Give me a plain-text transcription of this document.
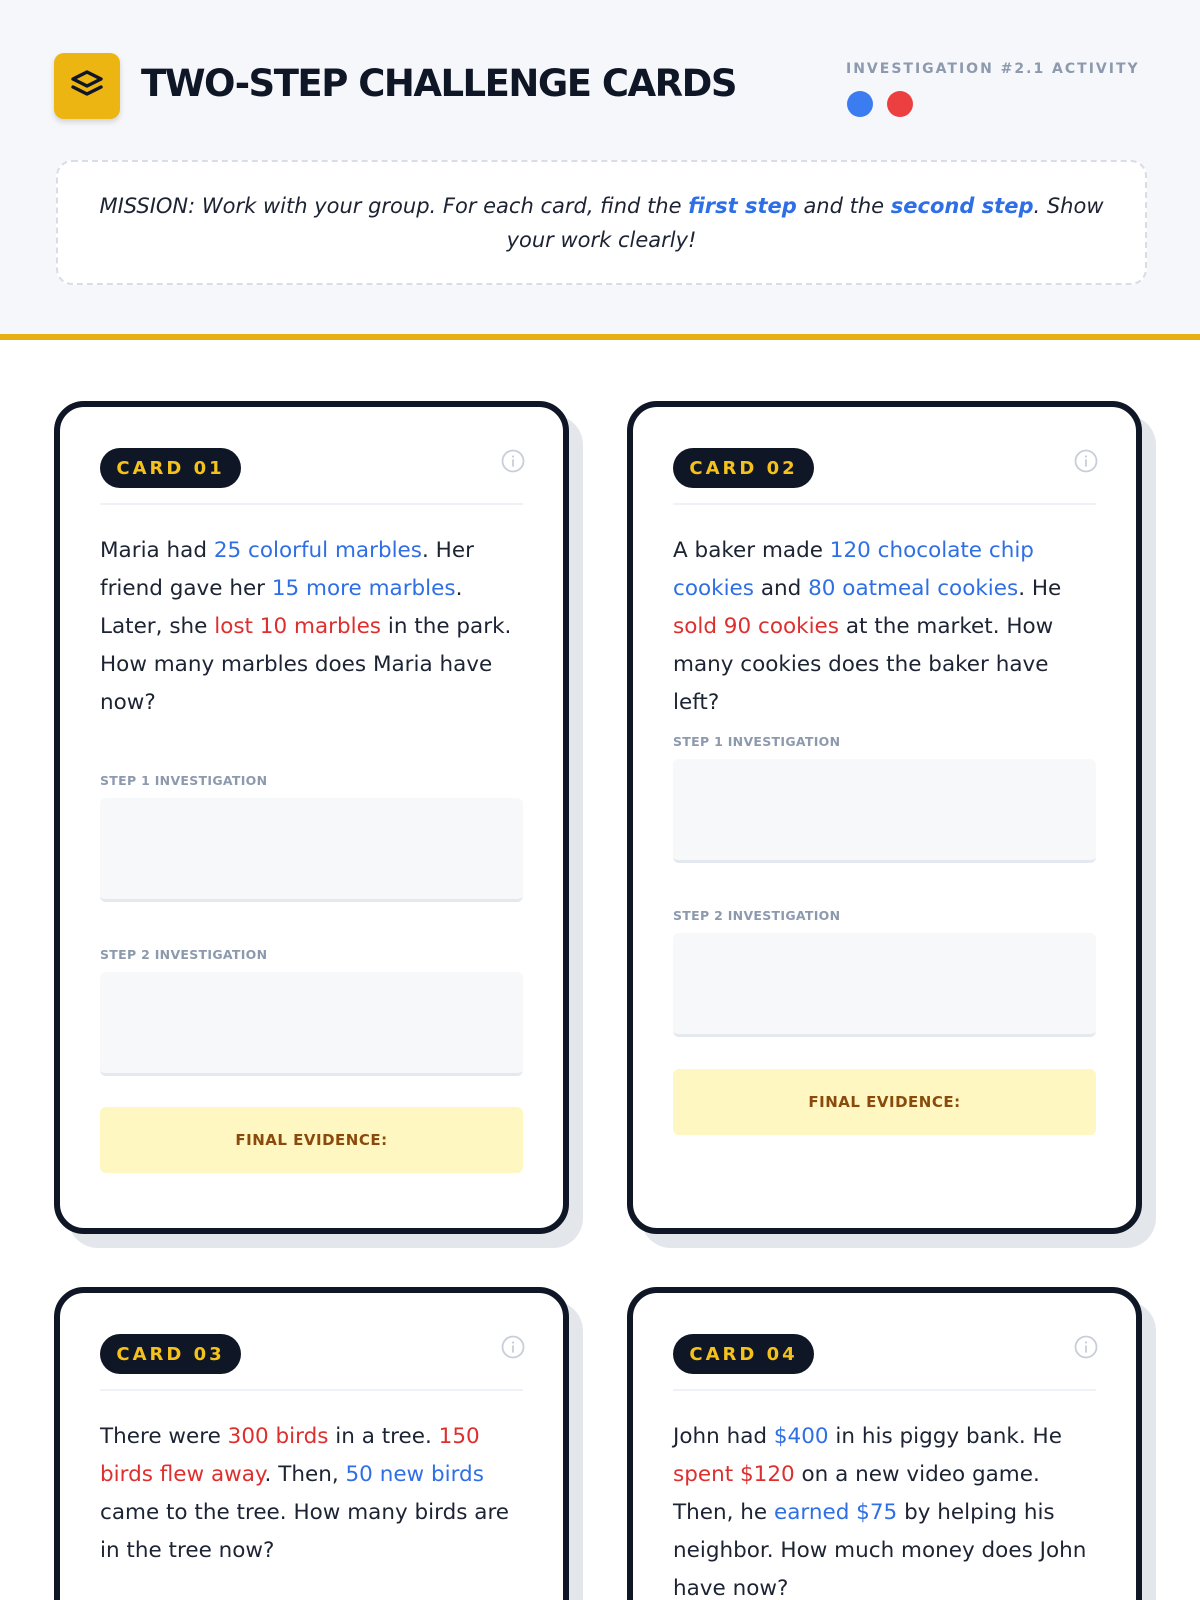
TWO-STEP CHALLENGE CARDS	INVESTIGATION #2.1 ACTIVITY

MISSION: Work with your group. For each card, find the first step and the second step. Show your work clearly!

CARD 01
Maria had 25 colorful marbles. Her friend gave her 15 more marbles. Later, she lost 10 marbles in the park. How many marbles does Maria have now?
STEP 1 INVESTIGATION
STEP 2 INVESTIGATION
FINAL EVIDENCE:
CARD 02
A baker made 120 chocolate chip cookies and 80 oatmeal cookies. He sold 90 cookies at the market. How many cookies does the baker have left?
STEP 1 INVESTIGATION
STEP 2 INVESTIGATION
FINAL EVIDENCE:
CARD 03
There were 300 birds in a tree. 150 birds flew away. Then, 50 new birds came to the tree. How many birds are in the tree now?
CARD 04
John had $400 in his piggy bank. He spent $120 on a new video game. Then, he earned $75 by helping his neighbor. How much money does John have now?
